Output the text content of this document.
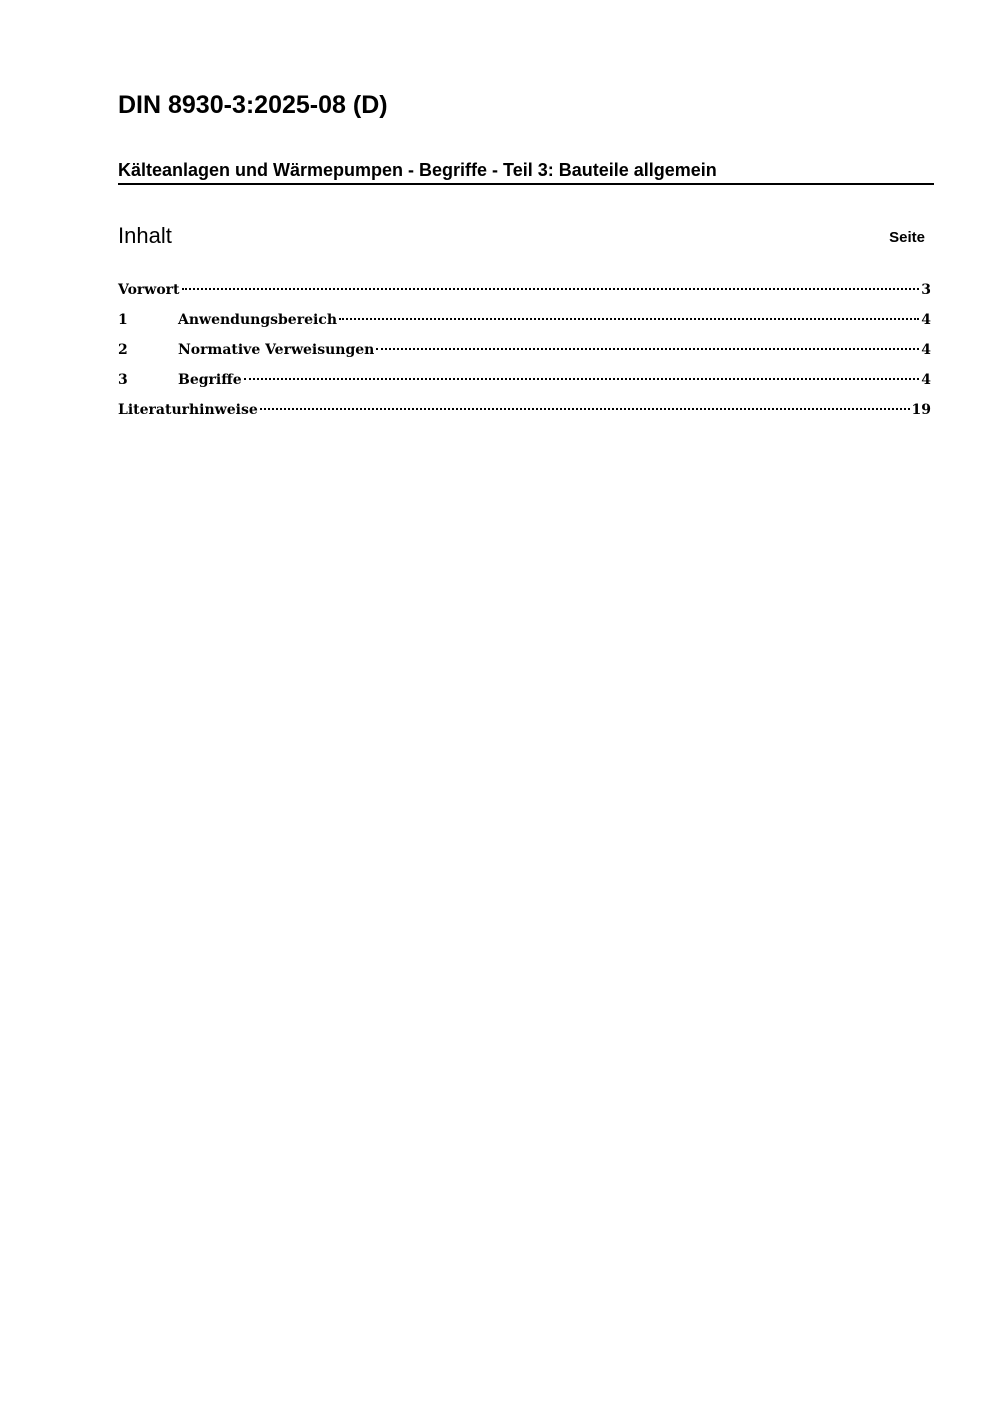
DIN 8930-3:2025-08 (D)
Kälteanlagen und Wärmepumpen - Begriffe - Teil 3: Bauteile allgemein
Inhalt	Seite
Vorwort	3
1	Anwendungsbereich	4
2	Normative Verweisungen	4
3	Begriffe	4
Literaturhinweise	19
